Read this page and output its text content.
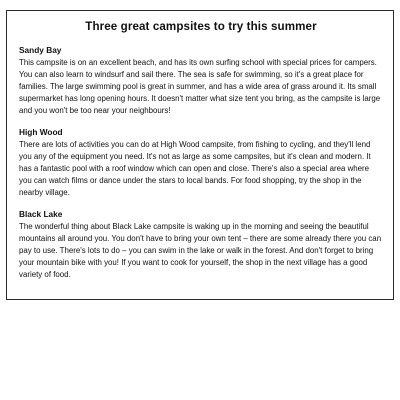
Three great campsites to try this summer
Sandy Bay

This campsite is on an excellent beach, and has its own surfing school with special prices for campers. You can also learn to windsurf and sail there. The sea is safe for swimming, so it's a great place for families. The large swimming pool is great in summer, and has a wide area of grass around it. Its small supermarket has long opening hours. It doesn't matter what size tent you bring, as the campsite is large and you won't be too near your neighbours!

High Wood

There are lots of activities you can do at High Wood campsite, from fishing to cycling, and they'll lend you any of the equipment you need. It's not as large as some campsites, but it's clean and modern. It has a fantastic pool with a roof window which can open and close. There's also a special area where you can watch films or dance under the stars to local bands. For food shopping, try the shop in the nearby village.

Black Lake

The wonderful thing about Black Lake campsite is waking up in the morning and seeing the beautiful mountains all around you. You don't have to bring your own tent – there are some already there you can pay to use. There's lots to do – you can swim in the lake or walk in the forest. And don't forget to bring your mountain bike with you! If you want to cook for yourself, the shop in the next village has a good variety of food.
